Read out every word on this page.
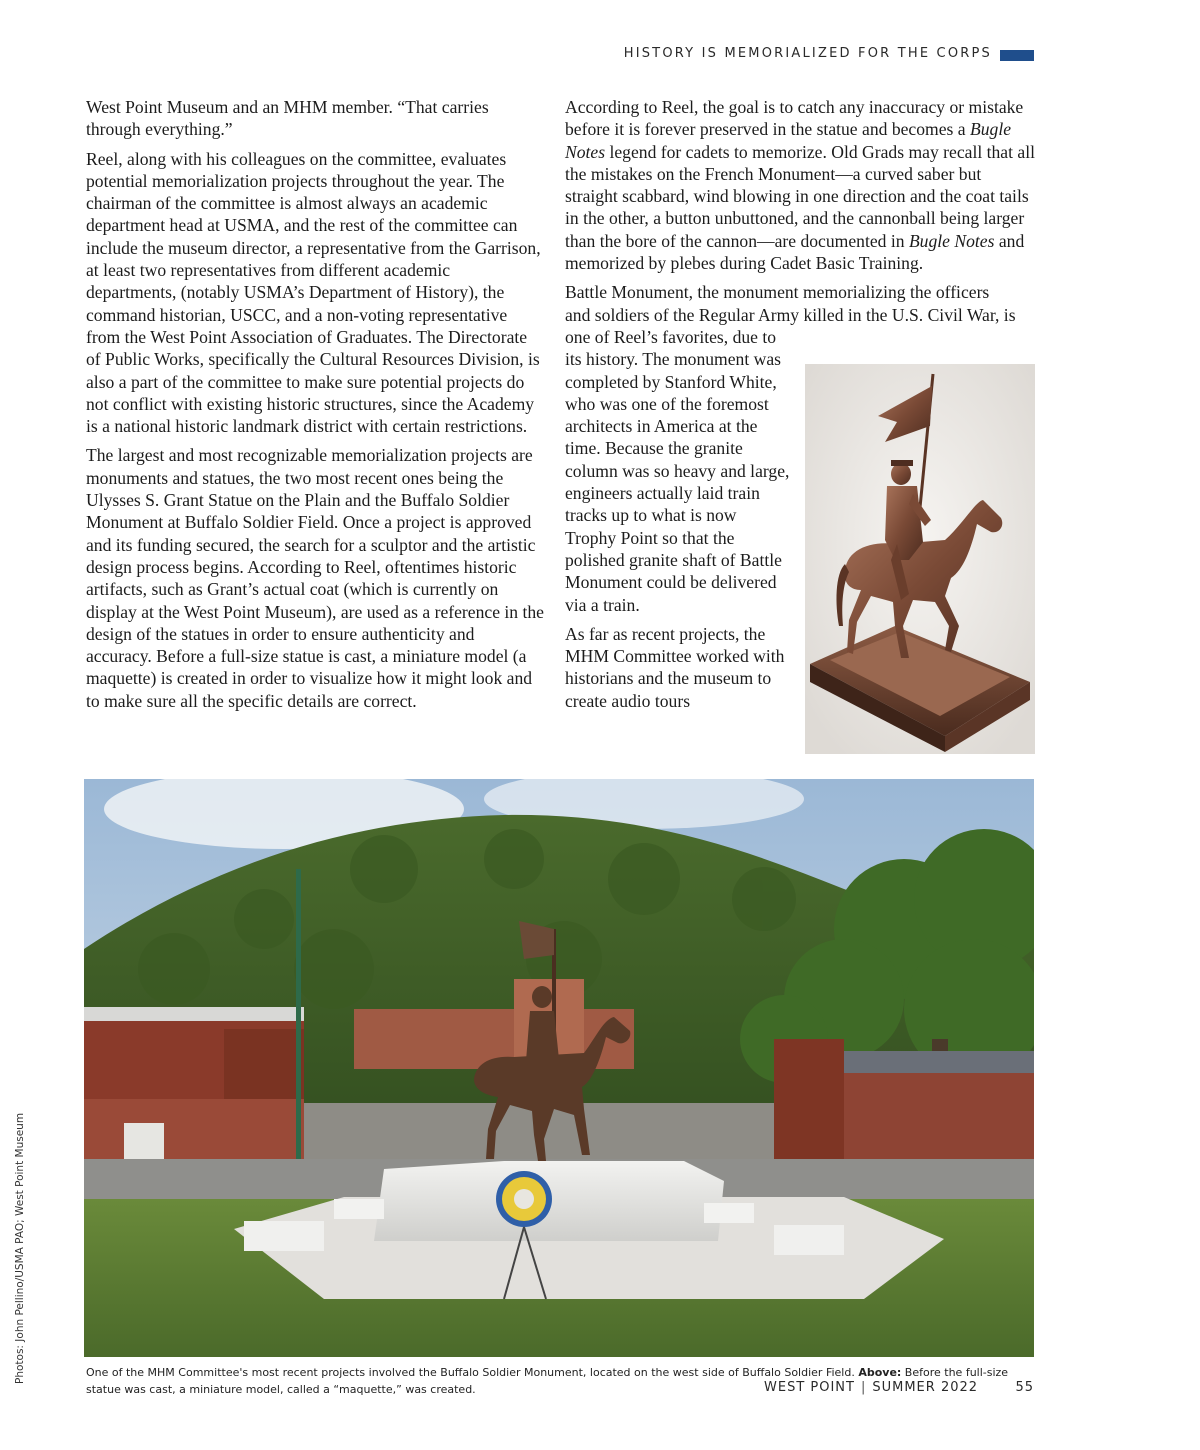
HISTORY IS MEMORIALIZED FOR THE CORPS

West Point Museum and an MHM member. “That carries through everything.”

Reel, along with his colleagues on the committee, evaluates potential memorialization projects throughout the year. The chairman of the committee is almost always an academic department head at USMA, and the rest of the committee can include the museum director, a representative from the Garrison, at least two representatives from different academic departments, (notably USMA’s Department of History), the command historian, USCC, and a non-voting representative from the West Point Association of Graduates. The Directorate of Public Works, specifically the Cultural Resources Division, is also a part of the committee to make sure potential projects do not conflict with existing historic structures, since the Academy is a national historic landmark district with certain restrictions.

The largest and most recognizable memorialization projects are monuments and statues, the two most recent ones being the Ulysses S. Grant Statue on the Plain and the Buffalo Soldier Monument at Buffalo Soldier Field. Once a project is approved and its funding secured, the search for a sculptor and the artistic design process begins. According to Reel, oftentimes historic artifacts, such as Grant’s actual coat (which is currently on display at the West Point Museum), are used as a reference in the design of the statues in order to ensure authenticity and accuracy. Before a full-size statue is cast, a miniature model (a maquette) is created in order to visualize how it might look and to make sure all the specific details are correct.

According to Reel, the goal is to catch any inaccuracy or mistake before it is forever preserved in the statue and becomes a Bugle Notes legend for cadets to memorize. Old Grads may recall that all the mistakes on the French Monument—a curved saber but straight scabbard, wind blowing in one direction and the coat tails in the other, a button unbuttoned, and the cannonball being larger than the bore of the cannon—are documented in Bugle Notes and memorized by plebes during Cadet Basic Training.

Battle Monument, the monument memorializing the officers
and soldiers of the Regular Army killed in the U.S. Civil War, is
one of Reel’s favorites, due to its history. The monument was completed by Stanford White, who was one of the foremost architects in America at the time. Because the granite column was so heavy and large, engineers actually laid train tracks up to what is now Trophy Point so that the polished granite shaft of Battle Monument could be delivered via a train.

As far as recent projects, the MHM Committee worked with historians and the museum to create audio tours

Photos: John Pellino/USMA PAO; West Point Museum	One of the MHM Committee's most recent projects involved the Buffalo Soldier Monument, located on the west side of Buffalo Soldier Field. Above: Before the full-size statue was cast, a miniature model, called a “maquette,” was created.	WEST POINT | SUMMER 2022	55
